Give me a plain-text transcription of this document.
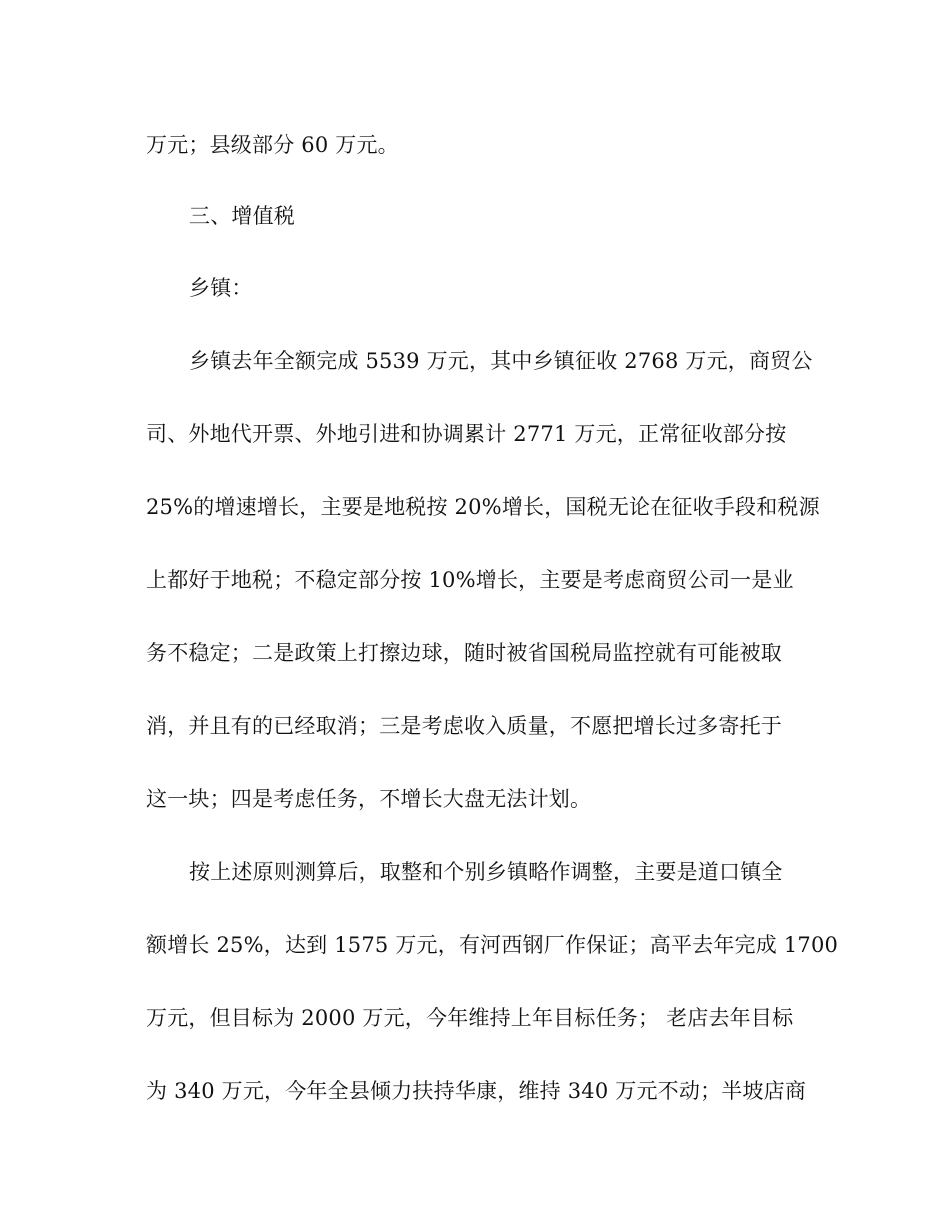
万元；县级部分 60 万元。
三、增值税
乡镇：
乡镇去年全额完成 5539 万元，其中乡镇征收 2768 万元，商贸公
司、外地代开票、外地引进和协调累计 2771 万元，正常征收部分按
25%的增速增长，主要是地税按 20%增长，国税无论在征收手段和税源
上都好于地税；不稳定部分按 10%增长，主要是考虑商贸公司一是业
务不稳定；二是政策上打擦边球，随时被省国税局监控就有可能被取
消，并且有的已经取消；三是考虑收入质量，不愿把增长过多寄托于
这一块；四是考虑任务，不增长大盘无法计划。
按上述原则测算后，取整和个别乡镇略作调整，主要是道口镇全
额增长 25%，达到 1575 万元，有河西钢厂作保证；高平去年完成 1700
万元，但目标为 2000 万元，今年维持上年目标任务； 老店去年目标
为 340 万元，今年全县倾力扶持华康，维持 340 万元不动；半坡店商
